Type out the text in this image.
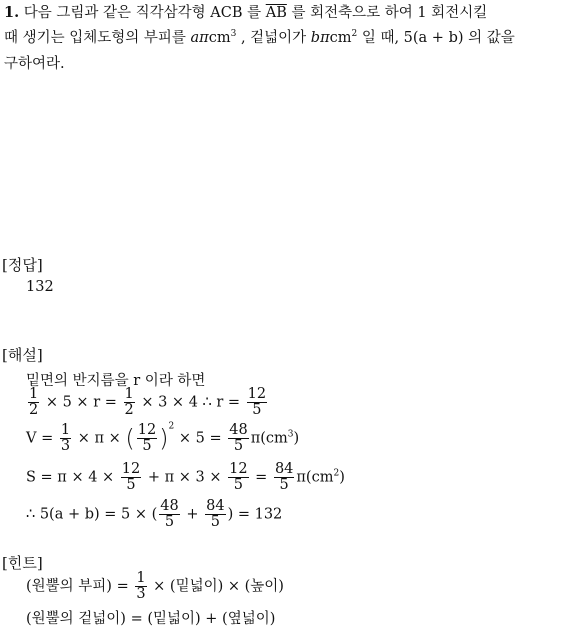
1. 다음 그림과 같은 직각삼각형 ACB 를 $\overline{AB}$ 를 회전축으로 하여 1 회전시킬
때 생기는 입체도형의 부피를 aπcm$^3$ , 겉넓이가 bπcm$^2$ 일 때, 5(a + b) 의 값을
구하여라.
[정답]
132
[해설]
밑면의 반지름을 r 이라 하면
$\frac{1}{2} \times 5 \times r = \frac{1}{2} \times 3 \times 4$ ∴ $r = \frac{12}{5}$
$V = \frac{1}{3} \times \pi$ × ( $\frac{12}{5} )^2 \times 5 = \frac{48}{5} \pi(cm^3)$
$S = \pi \times 4 \times \frac{12}{5} + \pi \times 3 \times \frac{12}{5} = \frac{84}{5} \pi(cm^2)$
∴ 5(a + b) = 5 × ( $\frac{48}{5} + \frac{84}{5}$ ) = 132
[힌트]
(원뿔의 부피) = $\frac{1}{3}$ × (밑넓이) × (높이)
(원뿔의 겉넓이) = (밑넓이) + (옆넓이)
